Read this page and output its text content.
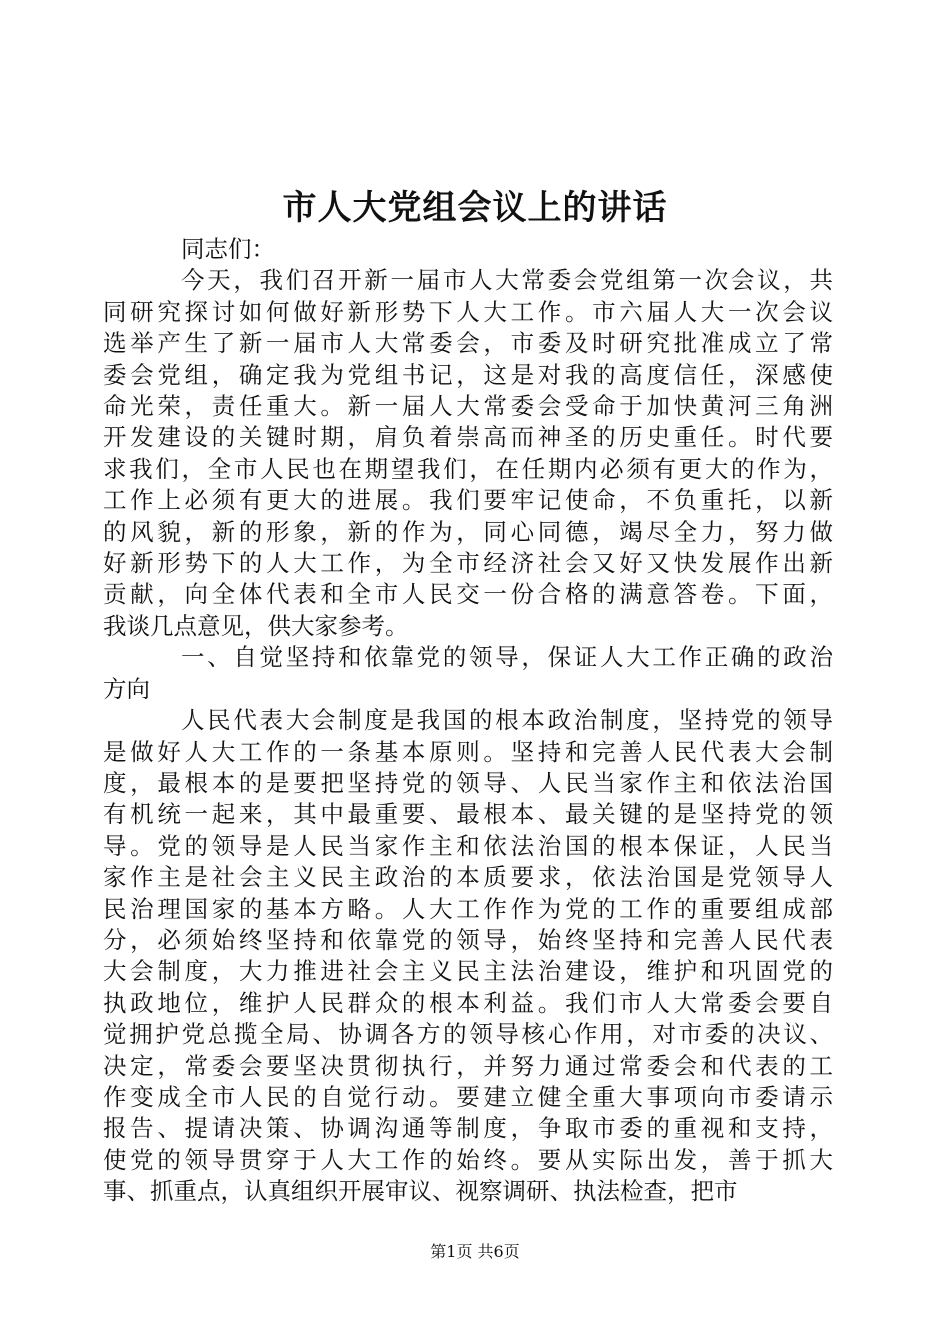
市人大党组会议上的讲话
同志们：
今天，我们召开新一届市人大常委会党组第一次会议，共
同研究探讨如何做好新形势下人大工作。市六届人大一次会议
选举产生了新一届市人大常委会，市委及时研究批准成立了常
委会党组，确定我为党组书记，这是对我的高度信任，深感使
命光荣，责任重大。新一届人大常委会受命于加快黄河三角洲
开发建设的关键时期，肩负着崇高而神圣的历史重任。时代要
求我们，全市人民也在期望我们，在任期内必须有更大的作为，
工作上必须有更大的进展。我们要牢记使命，不负重托，以新
的风貌，新的形象，新的作为，同心同德，竭尽全力，努力做
好新形势下的人大工作，为全市经济社会又好又快发展作出新
贡献，向全体代表和全市人民交一份合格的满意答卷。下面，
我谈几点意见，供大家参考。
一、自觉坚持和依靠党的领导，保证人大工作正确的政治
方向
人民代表大会制度是我国的根本政治制度，坚持党的领导
是做好人大工作的一条基本原则。坚持和完善人民代表大会制
度，最根本的是要把坚持党的领导、人民当家作主和依法治国
有机统一起来，其中最重要、最根本、最关键的是坚持党的领
导。党的领导是人民当家作主和依法治国的根本保证，人民当
家作主是社会主义民主政治的本质要求，依法治国是党领导人
民治理国家的基本方略。人大工作作为党的工作的重要组成部
分，必须始终坚持和依靠党的领导，始终坚持和完善人民代表
大会制度，大力推进社会主义民主法治建设，维护和巩固党的
执政地位，维护人民群众的根本利益。我们市人大常委会要自
觉拥护党总揽全局、协调各方的领导核心作用，对市委的决议、
决定，常委会要坚决贯彻执行，并努力通过常委会和代表的工
作变成全市人民的自觉行动。要建立健全重大事项向市委请示
报告、提请决策、协调沟通等制度，争取市委的重视和支持，
使党的领导贯穿于人大工作的始终。要从实际出发，善于抓大
事、抓重点，认真组织开展审议、视察调研、执法检查，把市
第1页 共6页
